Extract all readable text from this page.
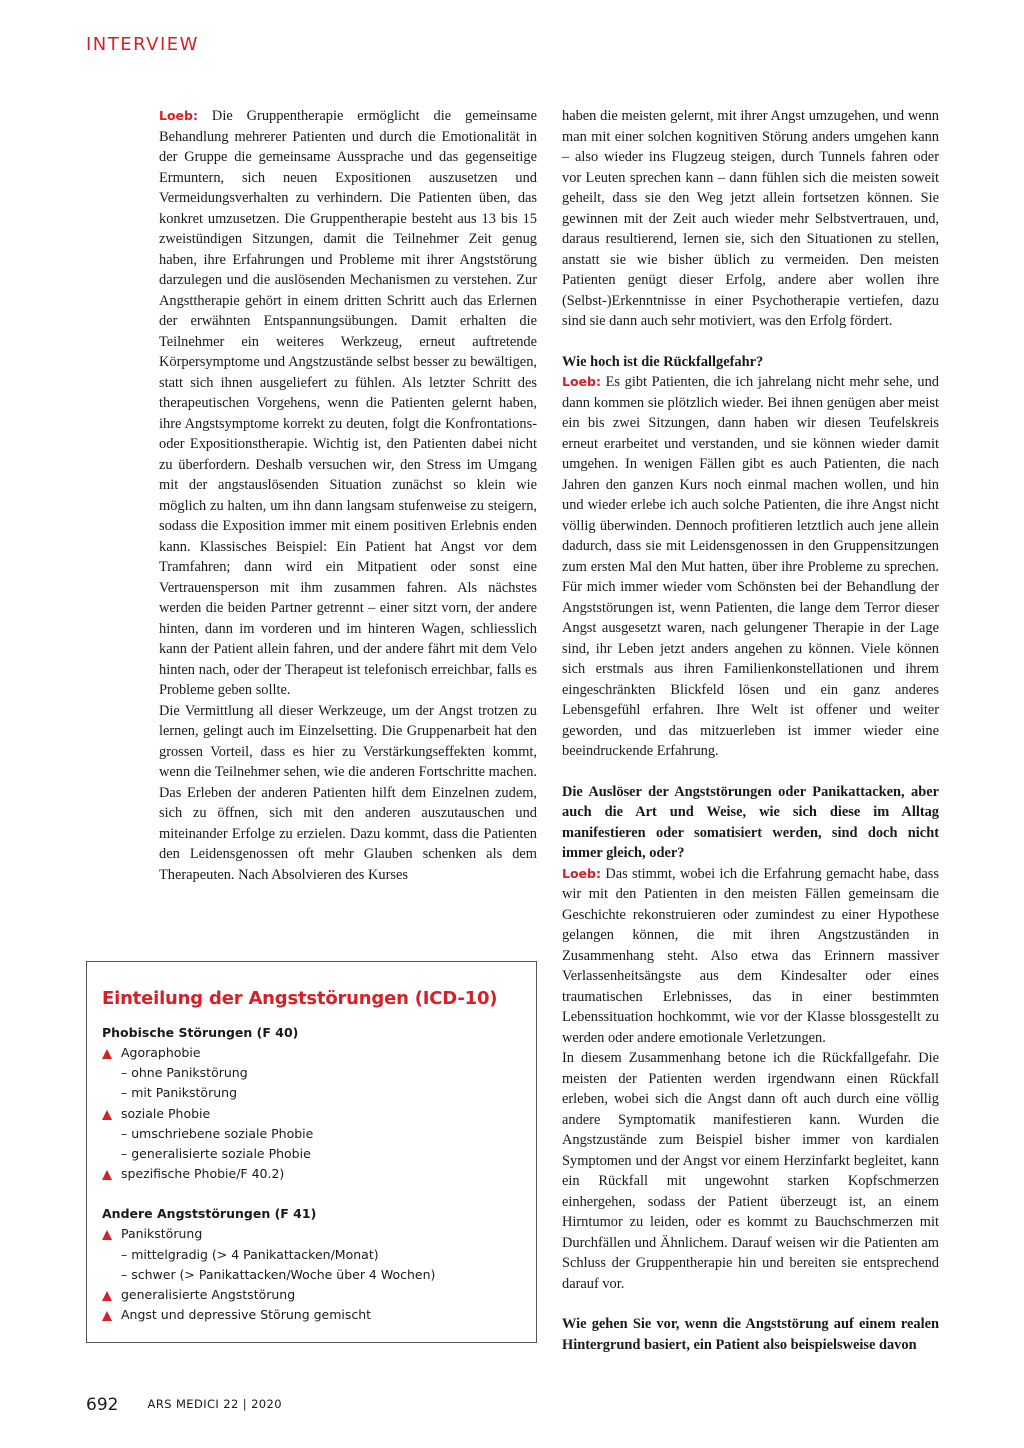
INTERVIEW

Loeb: Die Gruppentherapie ermöglicht die gemeinsame Behandlung mehrerer Patienten und durch die Emotionalität in der Gruppe die gemeinsame Aussprache und das gegenseitige Ermuntern, sich neuen Expositionen auszusetzen und Vermeidungsverhalten zu verhindern. Die Patienten üben, das konkret umzusetzen. Die Gruppentherapie besteht aus 13 bis 15 zweistündigen Sitzungen, damit die Teilnehmer Zeit genug haben, ihre Erfahrungen und Probleme mit ihrer Angststörung darzulegen und die auslösenden Mechanismen zu verstehen. Zur Angsttherapie gehört in einem dritten Schritt auch das Erlernen der erwähnten Entspannungsübungen. Damit erhalten die Teilnehmer ein weiteres Werkzeug, erneut auftretende Körpersymptome und Angstzustände selbst besser zu bewältigen, statt sich ihnen ausgeliefert zu fühlen. Als letzter Schritt des therapeutischen Vorgehens, wenn die Patienten gelernt haben, ihre Angstsymptome korrekt zu deuten, folgt die Konfrontations- oder Expositionstherapie. Wichtig ist, den Patienten dabei nicht zu überfordern. Deshalb versuchen wir, den Stress im Umgang mit der angstauslösenden Situation zunächst so klein wie möglich zu halten, um ihn dann langsam stufenweise zu steigern, sodass die Exposition immer mit einem positiven Erlebnis enden kann. Klassisches Beispiel: Ein Patient hat Angst vor dem Tramfahren; dann wird ein Mitpatient oder sonst eine Vertrauensperson mit ihm zusammen fahren. Als nächstes werden die beiden Partner getrennt – einer sitzt vorn, der andere hinten, dann im vorderen und im hinteren Wagen, schliesslich kann der Patient allein fahren, und der andere fährt mit dem Velo hinten nach, oder der Therapeut ist telefonisch erreichbar, falls es Probleme geben sollte.

Die Vermittlung all dieser Werkzeuge, um der Angst trotzen zu lernen, gelingt auch im Einzelsetting. Die Gruppenarbeit hat den grossen Vorteil, dass es hier zu Verstärkungseffekten kommt, wenn die Teilnehmer sehen, wie die anderen Fortschritte machen. Das Erleben der anderen Patienten hilft dem Einzelnen zudem, sich zu öffnen, sich mit den anderen auszutauschen und miteinander Erfolge zu erzielen. Dazu kommt, dass die Patienten den Leidensgenossen oft mehr Glauben schenken als dem Therapeuten. Nach Absolvieren des Kurses

haben die meisten gelernt, mit ihrer Angst umzugehen, und wenn man mit einer solchen kognitiven Störung anders umgehen kann – also wieder ins Flugzeug steigen, durch Tunnels fahren oder vor Leuten sprechen kann – dann fühlen sich die meisten soweit geheilt, dass sie den Weg jetzt allein fortsetzen können. Sie gewinnen mit der Zeit auch wieder mehr Selbstvertrauen, und, daraus resultierend, lernen sie, sich den Situationen zu stellen, anstatt sie wie bisher üblich zu vermeiden. Den meisten Patienten genügt dieser Erfolg, andere aber wollen ihre (Selbst-)Erkenntnisse in einer Psychotherapie vertiefen, dazu sind sie dann auch sehr motiviert, was den Erfolg fördert.

Wie hoch ist die Rückfallgefahr?

Loeb: Es gibt Patienten, die ich jahrelang nicht mehr sehe, und dann kommen sie plötzlich wieder. Bei ihnen genügen aber meist ein bis zwei Sitzungen, dann haben wir diesen Teufelskreis erneut erarbeitet und verstanden, und sie können wieder damit umgehen. In wenigen Fällen gibt es auch Patienten, die nach Jahren den ganzen Kurs noch einmal machen wollen, und hin und wieder erlebe ich auch solche Patienten, die ihre Angst nicht völlig überwinden. Dennoch profitieren letztlich auch jene allein dadurch, dass sie mit Leidensgenossen in den Gruppensitzungen zum ersten Mal den Mut hatten, über ihre Probleme zu sprechen. Für mich immer wieder vom Schönsten bei der Behandlung der Angststörungen ist, wenn Patienten, die lange dem Terror dieser Angst ausgesetzt waren, nach gelungener Therapie in der Lage sind, ihr Leben jetzt anders angehen zu können. Viele können sich erstmals aus ihren Familienkonstellationen und ihrem eingeschränkten Blickfeld lösen und ein ganz anderes Lebensgefühl erfahren. Ihre Welt ist offener und weiter geworden, und das mitzuerleben ist immer wieder eine beeindruckende Erfahrung.

Die Auslöser der Angststörungen oder Panikattacken, aber auch die Art und Weise, wie sich diese im Alltag manifestieren oder somatisiert werden, sind doch nicht immer gleich, oder?

Loeb: Das stimmt, wobei ich die Erfahrung gemacht habe, dass wir mit den Patienten in den meisten Fällen gemeinsam die Geschichte rekonstruieren oder zumindest zu einer Hypothese gelangen können, die mit ihren Angstzuständen in Zusammenhang steht. Also etwa das Erinnern massiver Verlassenheitsängste aus dem Kindesalter oder eines traumatischen Erlebnisses, das in einer bestimmten Lebenssituation hochkommt, wie vor der Klasse blossgestellt zu werden oder andere emotionale Verletzungen.

In diesem Zusammenhang betone ich die Rückfallgefahr. Die meisten der Patienten werden irgendwann einen Rückfall erleben, wobei sich die Angst dann oft auch durch eine völlig andere Symptomatik manifestieren kann. Wurden die Angstzustände zum Beispiel bisher immer von kardialen Symptomen und der Angst vor einem Herzinfarkt begleitet, kann ein Rückfall mit ungewohnt starken Kopfschmerzen einhergehen, sodass der Patient überzeugt ist, an einem Hirntumor zu leiden, oder es kommt zu Bauchschmerzen mit Durchfällen und Ähnlichem. Darauf weisen wir die Patienten am Schluss der Gruppentherapie hin und bereiten sie entsprechend darauf vor.

Wie gehen Sie vor, wenn die Angststörung auf einem realen Hintergrund basiert, ein Patient also beispielsweise davon

Einteilung der Angststörungen (ICD-10)
Phobische Störungen (F 40)
Agoraphobie
– ohne Panikstörung
– mit Panikstörung
soziale Phobie
– umschriebene soziale Phobie
– generalisierte soziale Phobie
spezifische Phobie/F 40.2)
Andere Angststörungen (F 41)
Panikstörung
– mittelgradig (> 4 Panikattacken/Monat)
– schwer (> Panikattacken/Woche über 4 Wochen)
generalisierte Angststörung
Angst und depressive Störung gemischt
692	ARS MEDICI 22 | 2020
